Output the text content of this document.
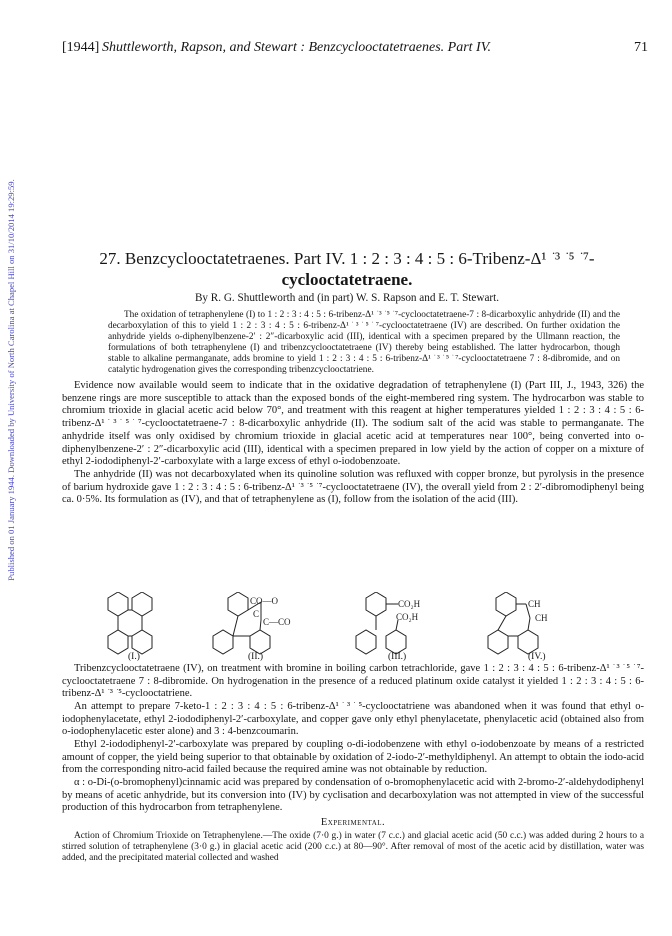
Published on 01 January 1944. Downloaded by University of North Carolina at Chapel Hill on 31/10/2014 19:29:59.
[1944] Shuttleworth, Rapson, and Stewart : Benzcyclooctatetraenes. Part IV.	71
27. Benzcyclooctatetraenes. Part IV. 1 : 2 : 3 : 4 : 5 : 6-Tribenz-Δ¹ ͘ ³ ͘ ⁵ ͘ ⁷-
cyclooctatetraene.
By R. G. Shuttleworth and (in part) W. S. Rapson and E. T. Stewart.

The oxidation of tetraphenylene (I) to 1 : 2 : 3 : 4 : 5 : 6-tribenz-Δ¹ ͘ ³ ͘ ⁵ ͘ ⁷-cyclooctatetraene-7 : 8-dicarboxylic anhydride (II) and the decarboxylation of this to yield 1 : 2 : 3 : 4 : 5 : 6-tribenz-Δ¹ ͘ ³ ͘ ⁵ ͘ ⁷-cyclooctatetraene (IV) are described. On further oxidation the anhydride yields o-diphenylbenzene-2′ : 2″-dicarboxylic acid (III), identical with a specimen prepared by the Ullmann reaction, the formulations of both tetraphenylene (I) and tribenzcyclooctatetraene (IV) thereby being established. The latter hydrocarbon, though stable to alkaline permanganate, adds bromine to yield 1 : 2 : 3 : 4 : 5 : 6-tribenz-Δ¹ ͘ ³ ͘ ⁵ ͘ ⁷-cyclooctatetraene 7 : 8-dibromide, and on catalytic hydrogenation gives the corresponding tribenzcyclooctatriene.

Evidence now available would seem to indicate that in the oxidative degradation of tetraphenylene (I) (Part III, J., 1943, 326) the benzene rings are more susceptible to attack than the exposed bonds of the eight-membered ring system. The hydrocarbon was stable to chromium trioxide in glacial acetic acid below 70°, and treatment with this reagent at higher temperatures yielded 1 : 2 : 3 : 4 : 5 : 6-tribenz-Δ¹ ͘ ³ ͘ ⁵ ͘ ⁷-cyclooctatetraene-7 : 8-dicarboxylic anhydride (II). The sodium salt of the acid was stable to permanganate. The anhydride itself was only oxidised by chromium trioxide in glacial acetic acid at temperatures near 100°, being converted into o-diphenylbenzene-2′ : 2″-dicarboxylic acid (III), identical with a specimen prepared in low yield by the action of copper on a mixture of ethyl 2-iododiphenyl-2′-carboxylate with a large excess of ethyl o-iodobenzoate.

The anhydride (II) was not decarboxylated when its quinoline solution was refluxed with copper bronze, but pyrolysis in the presence of barium hydroxide gave 1 : 2 : 3 : 4 : 5 : 6-tribenz-Δ¹ ͘ ³ ͘ ⁵ ͘ ⁷-cyclooctatetraene (IV), the overall yield from 2 : 2′-dibromodiphenyl being ca. 0·5%. Its formulation as (IV), and that of tetraphenylene as (I), follow from the isolation of the acid (III).

CO—O
C
C—CO
CO₂H
CO₂H
CH
CH
(I.)	(II.)	(III.)	(IV.)

Tribenzcyclooctatetraene (IV), on treatment with bromine in boiling carbon tetrachloride, gave 1 : 2 : 3 : 4 : 5 : 6-tribenz-Δ¹ ͘ ³ ͘ ⁵ ͘ ⁷-cyclooctatetraene 7 : 8-dibromide. On hydrogenation in the presence of a reduced platinum oxide catalyst it yielded 1 : 2 : 3 : 4 : 5 : 6-tribenz-Δ¹ ͘ ³ ͘ ⁵-cyclooctatriene.

An attempt to prepare 7-keto-1 : 2 : 3 : 4 : 5 : 6-tribenz-Δ¹ ͘ ³ ͘ ⁵-cyclooctatriene was abandoned when it was found that ethyl o-iodophenylacetate, ethyl 2-iododiphenyl-2′-carboxylate, and copper gave only ethyl phenylacetate, phenylacetic acid (obtained also from o-iodophenylacetic ester alone) and 3 : 4-benzcoumarin.

Ethyl 2-iododiphenyl-2′-carboxylate was prepared by coupling o-di-iodobenzene with ethyl o-iodobenzoate by means of a restricted amount of copper, the yield being superior to that obtainable by oxidation of 2-iodo-2′-methyldiphenyl. An attempt to obtain the iodo-acid from the corresponding nitro-acid failed because the required amine was not obtainable by reduction.

α : o-Di-(o-bromophenyl)cinnamic acid was prepared by condensation of o-bromophenylacetic acid with 2-bromo-2′-aldehydodiphenyl by means of acetic anhydride, but its conversion into (IV) by cyclisation and decarboxylation was not attempted in view of the successful production of this hydrocarbon from tetraphenylene.

Experimental.

Action of Chromium Trioxide on Tetraphenylene.—The oxide (7·0 g.) in water (7 c.c.) and glacial acetic acid (50 c.c.) was added during 2 hours to a stirred solution of tetraphenylene (3·0 g.) in glacial acetic acid (200 c.c.) at 80—90°. After removal of most of the acetic acid by distillation, water was added, and the precipitated material collected and washed
